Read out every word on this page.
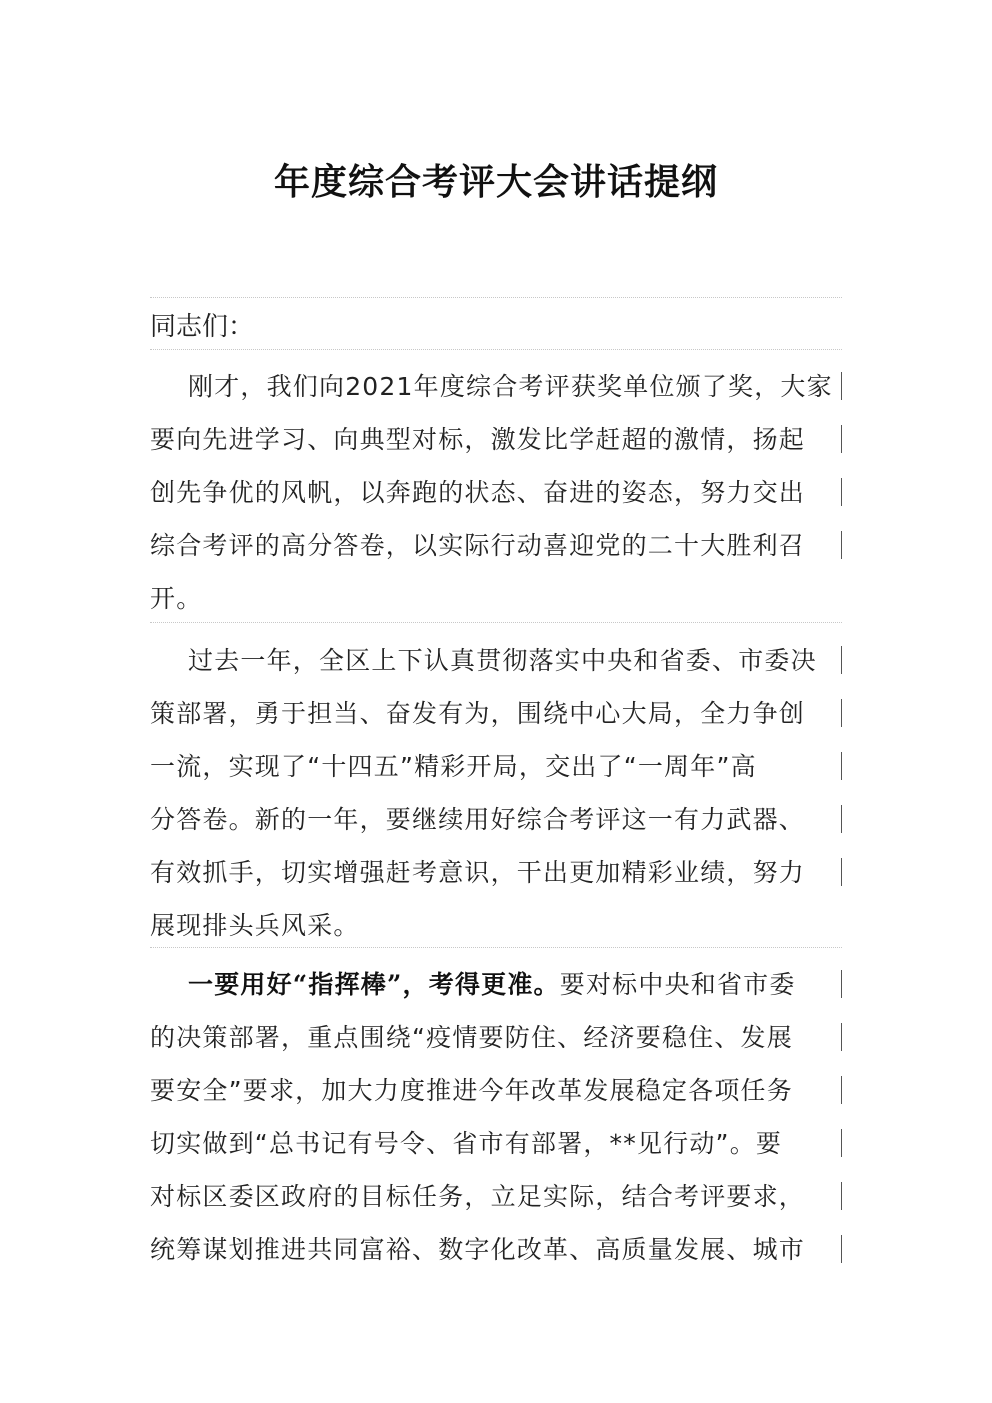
年度综合考评大会讲话提纲
同志们：
刚才，我们向2021年度综合考评获奖单位颁了奖，大家
要向先进学习、向典型对标，激发比学赶超的激情，扬起
创先争优的风帆，以奔跑的状态、奋进的姿态，努力交出
综合考评的高分答卷，以实际行动喜迎党的二十大胜利召
开。
过去一年，全区上下认真贯彻落实中央和省委、市委决
策部署，勇于担当、奋发有为，围绕中心大局，全力争创
一流，实现了“十四五”精彩开局，交出了“一周年”高
分答卷。新的一年，要继续用好综合考评这一有力武器、
有效抓手，切实增强赶考意识，干出更加精彩业绩，努力
展现排头兵风采。
一要用好“指挥棒”，考得更准。要对标中央和省市委
的决策部署，重点围绕“疫情要防住、经济要稳住、发展
要安全”要求，加大力度推进今年改革发展稳定各项任务
切实做到“总书记有号令、省市有部署，**见行动”。要
对标区委区政府的目标任务，立足实际，结合考评要求，
统筹谋划推进共同富裕、数字化改革、高质量发展、城市
